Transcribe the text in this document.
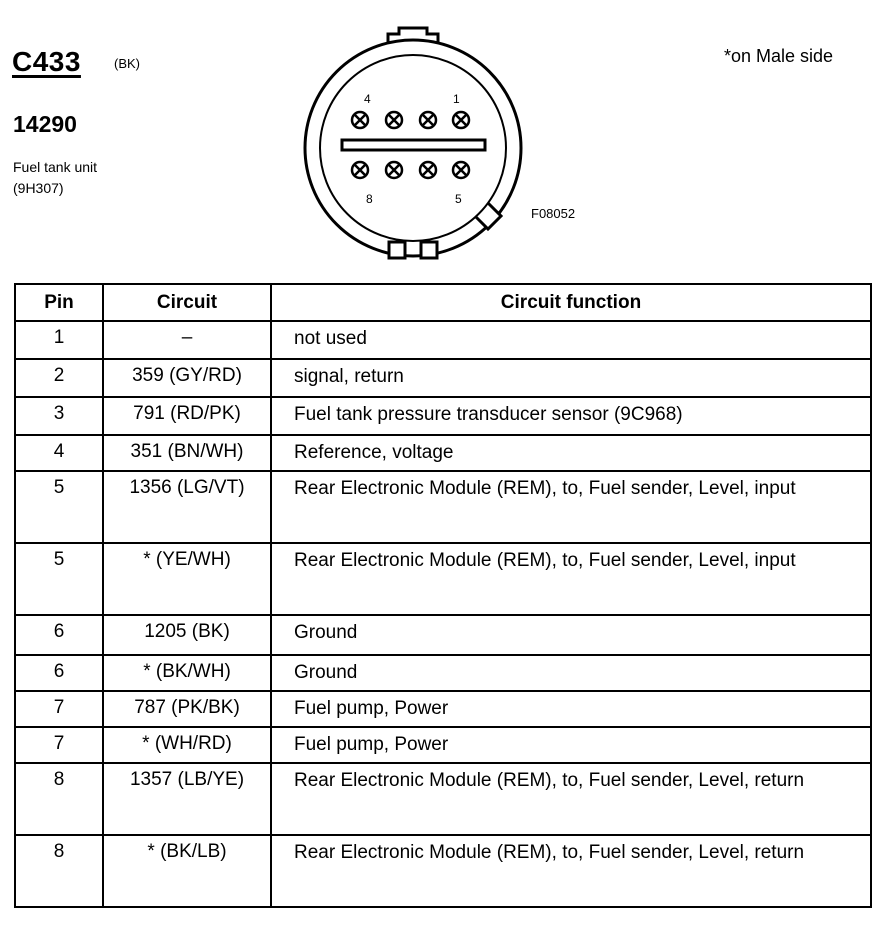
C433	(BK)
14290
Fuel tank unit
(9H307)
*on Male side
F08052
4	1
8	5
Pin	Circuit	Circuit function
1	–	not used
2	359 (GY/RD)	signal, return
3	791 (RD/PK)	Fuel tank pressure transducer sensor (9C968)
4	351 (BN/WH)	Reference, voltage
5	1356 (LG/VT)	Rear Electronic Module (REM), to, Fuel sender, Level, input
5	* (YE/WH)	Rear Electronic Module (REM), to, Fuel sender, Level, input
6	1205 (BK)	Ground
6	* (BK/WH)	Ground
7	787 (PK/BK)	Fuel pump, Power
7	* (WH/RD)	Fuel pump, Power
8	1357 (LB/YE)	Rear Electronic Module (REM), to, Fuel sender, Level, return
8	* (BK/LB)	Rear Electronic Module (REM), to, Fuel sender, Level, return
